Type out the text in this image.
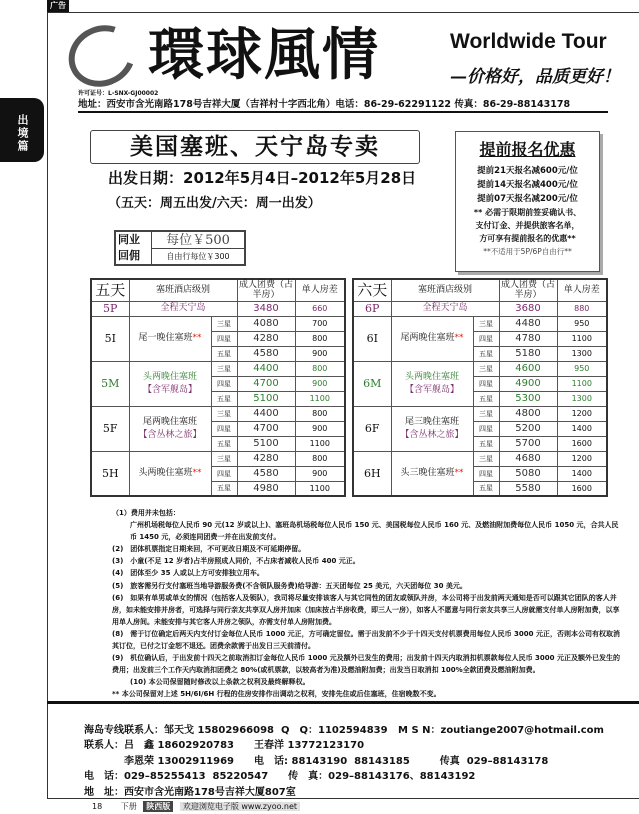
广告
出境篇
環球風情	Worldwide Tour
—价格好，品质更好！
许可证号：L-SNX-GJ00002
地址：西安市含光南路178号吉祥大厦（吉祥村十字西北角）电话：86-29-62291122 传真：86-29-88143178
美国塞班、天宁岛专卖
出发日期：2012年5月4日–2012年5月28日
（五天：周五出发/六天：周一出发）
同业
回佣
每位￥500
自由行每位￥300
提前报名优惠
提前21天报名减600元/位
提前14天报名减400元/位
提前07天报名减200元/位
** 必需于限期前签妥确认书、
支付订金、并提供旅客名单，
方可享有提前报名的优惠**
**不适用于5P/6P自由行**
五天	塞班酒店级别		成人团费（占半房）	单人房差
5P	全程天宁岛		3480	660
5I	尾一晚住塞班**	三星	4080	700
		四星	4280	800
		五星	4580	900
5M	头两晚住塞班
【含军舰岛】	三星	4400	800
		四星	4700	900
		五星	5100	1100
5F	尾两晚住塞班
【含丛林之旅】	三星	4400	800
		四星	4700	900
		五星	5100	1100
5H	头两晚住塞班**	三星	4280	800
		四星	4580	900
		五星	4980	1100
六天	塞班酒店级别		成人团费（占半房）	单人房差
6P	全程天宁岛		3680	880
6I	尾两晚住塞班**	三星	4480	950
		四星	4780	1100
		五星	5180	1300
6M	头两晚住塞班
【含军舰岛】	三星	4600	950
		四星	4900	1100
		五星	5300	1300
6F	尾三晚住塞班
【含丛林之旅】	三星	4800	1200
		四星	5200	1400
		五星	5700	1600
6H	头三晚住塞班**	三星	4680	1200
		四星	5080	1400
		五星	5580	1600

（1）费用并未包括：

广州机场税每位人民币 90 元(12 岁或以上)、塞班岛机场税每位人民币 150 元、美国税每位人民币 160 元、及燃油附加费每位人民币 1050 元，合共人民币 1450 元，必须连同团费一并在出发前支付。

(2)　团体机票指定日期来回，不可更改日期及不可延期停留。

(3)　小童(不足 12 岁者)占半房照成人同价，不占床者减收人民币 400 元正。

(4)　团体至少 35 人或以上方可安排独立用车。

(5)　旅客需另行支付塞班当地导游服务费(不含领队服务费)给导游：五天团每位 25 美元，六天团每位 30 美元。

(6)　如果有单男或单女的情况（包括客人及领队），我司将尽量安排该客人与其它同性的团友或领队并房，本公司将于出发前两天通知是否可以跟其它团队的客人并房，如未能安排并房者，可选择与同行亲友共享双人房并加床（加床按占半房收费，即三人一房），如客人不愿意与同行亲友共享三人房就需支付单人房附加费，以享用单人房间。未能安排与其它客人并房之领队，亦需支付单人房附加费。

(8)　需于订位确定后两天内支付订金每位人民币 1000 元正，方可确定留位。需于出发前不少于十四天支付机票费用每位人民币 3000 元正，否则本公司有权取消其订位，已付之订金恕不退还。团费余款需于出发日三天前清付。

(9)　机位确认后，于出发前十四天之前取消扣订金每位人民币 1000 元及额外已发生的费用；出发前十四天内取消扣机票款每位人民币 3000 元正及额外已发生的费用；出发前三个工作天内取消扣团费之 80%(或机票款，以较高者为准)及燃油附加费；出发当日取消扣 100%全款团费及燃油附加费。

(10) 本公司保留随时修改以上条款之权利及最终解释权。

** 本公司保留对上述 5H/6I/6H 行程的住房安排作出调动之权利，安排先住或后住塞班，住宿晚数不变。

海岛专线联系人：邹天戈 15802966098  Q　Q：1102594839   M S N：zoutiange2007@hotmail.com
联系人：吕　鑫 18602920783　　王春洋 13772123170
　　　　李恩荣 13002911969　　电　话: 88143190  88143185　　　传真  029–88143178
电　话：029–85255413  85220547　　传　真：029–88143176、88143192
地　址：西安市含光南路178号吉祥大厦807室
18　　 下册 陕西版 欢迎浏览电子版 www.zyoo.net
